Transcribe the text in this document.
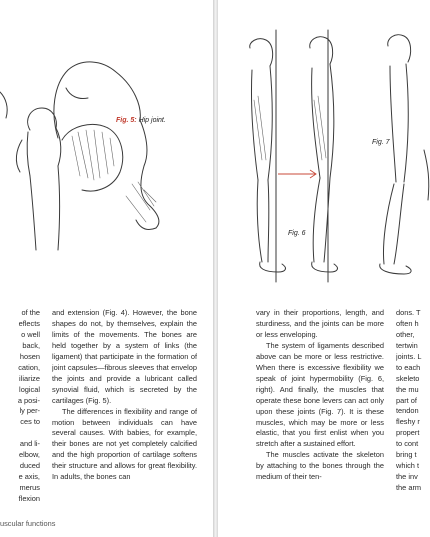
Fig. 5: Hip joint.
of the
eflects
o well
back,
hosen
cation,
iliarize
logical
a posi-
ly per-
ces to
and li-
elbow,
duced
e axis,
merus
flexion

and extension (Fig. 4). However, the bone shapes do not, by themselves, explain the limits of the movements. The bones are held together by a system of links (the ligament) that participate in the formation of joint capsules—fibrous sleeves that envelop the joints and provide a lubricant called synovial fluid, which is secreted by the cartilages (Fig. 5).

The differences in flexibility and range of motion between individuals can have several causes. With babies, for example, their bones are not yet completely calcified and the high proportion of cartilage softens their structure and allows for great flexibility. In adults, the bones can

uscular functions
Fig. 6
Fig. 7

vary in their proportions, length, and sturdiness, and the joints can be more or less enveloping.

The system of ligaments described above can be more or less restrictive. When there is excessive flexibility we speak of joint hypermobility (Fig. 6, right). And finally, the muscles that operate these bone levers can act only upon these joints (Fig. 7). It is these muscles, which may be more or less elastic, that you first enlist when you stretch after a sustained effort.

The muscles activate the skeleton by attaching to the bones through the medium of their ten-

dons. T
often h
other,
tertwin
joints. L
to each
skeleto
the mu
part of
tendon
fleshy r
propert
to cont
bring t
which t
the inv
the arm
